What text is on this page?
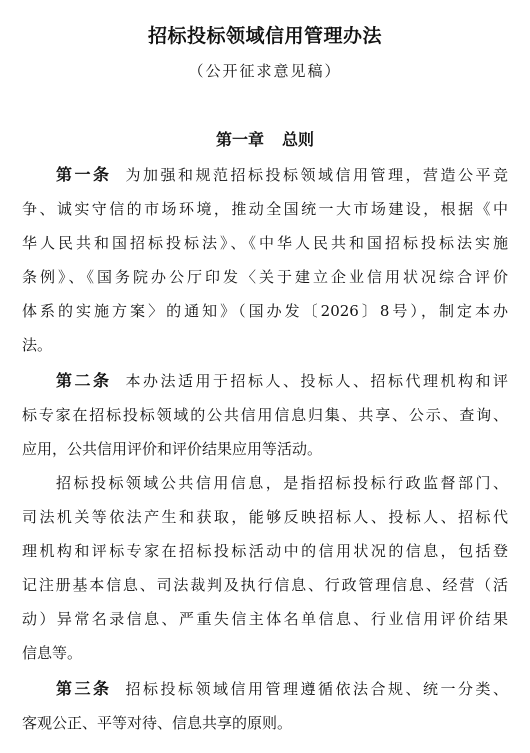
招标投标领域信用管理办法
（公开征求意见稿）
第一章 总则
第一条 为加强和规范招标投标领域信用管理，营造公平竞
争、诚实守信的市场环境，推动全国统一大市场建设，根据《中
华人民共和国招标投标法》、《中华人民共和国招标投标法实施
条例》、《国务院办公厅印发〈关于建立企业信用状况综合评价
体系的实施方案〉的通知》（国办发〔2026〕8号），制定本办
法。
第二条 本办法适用于招标人、投标人、招标代理机构和评
标专家在招标投标领域的公共信用信息归集、共享、公示、查询、
应用，公共信用评价和评价结果应用等活动。
招标投标领域公共信用信息，是指招标投标行政监督部门、
司法机关等依法产生和获取，能够反映招标人、投标人、招标代
理机构和评标专家在招标投标活动中的信用状况的信息，包括登
记注册基本信息、司法裁判及执行信息、行政管理信息、经营（活
动）异常名录信息、严重失信主体名单信息、行业信用评价结果
信息等。
第三条 招标投标领域信用管理遵循依法合规、统一分类、
客观公正、平等对待、信息共享的原则。
